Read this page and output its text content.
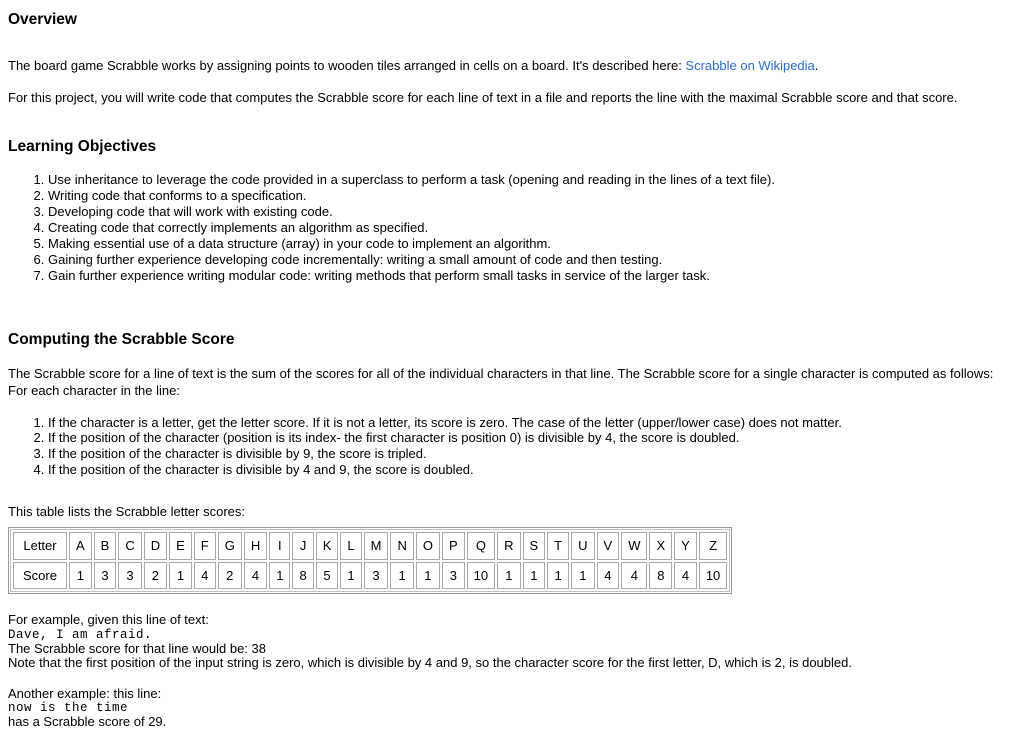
Overview

The board game Scrabble works by assigning points to wooden tiles arranged in cells on a board. It's described here: Scrabble on Wikipedia.

For this project, you will write code that computes the Scrabble score for each line of text in a file and reports the line with the maximal Scrabble score and that score.

Learning Objectives
1. Use inheritance to leverage the code provided in a superclass to perform a task (opening and reading in the lines of a text file).
2. Writing code that conforms to a specification.
3. Developing code that will work with existing code.
4. Creating code that correctly implements an algorithm as specified.
5. Making essential use of a data structure (array) in your code to implement an algorithm.
6. Gaining further experience developing code incrementally: writing a small amount of code and then testing.
7. Gain further experience writing modular code: writing methods that perform small tasks in service of the larger task.
Computing the Scrabble Score

The Scrabble score for a line of text is the sum of the scores for all of the individual characters in that line. The Scrabble score for a single character is computed as follows:
For each character in the line:

1. If the character is a letter, get the letter score. If it is not a letter, its score is zero. The case of the letter (upper/lower case) does not matter.
2. If the position of the character (position is its index- the first character is position 0) is divisible by 4, the score is doubled.
3. If the position of the character is divisible by 9, the score is tripled.
4. If the position of the character is divisible by 4 and 9, the score is doubled.
This table lists the Scrabble letter scores:
Letter	A	B	C	D	E	F	G	H	I	J	K	L	M	N	O	P	Q	R	S	T	U	V	W	X	Y	Z
Score	1	3	3	2	1	4	2	4	1	8	5	1	3	1	1	3	10	1	1	1	1	4	4	8	4	10
For example, given this line of text:
Dave, I am afraid.
The Scrabble score for that line would be: 38
Note that the first position of the input string is zero, which is divisible by 4 and 9, so the character score for the first letter, D, which is 2, is doubled.
Another example: this line:
now is the time
has a Scrabble score of 29.
